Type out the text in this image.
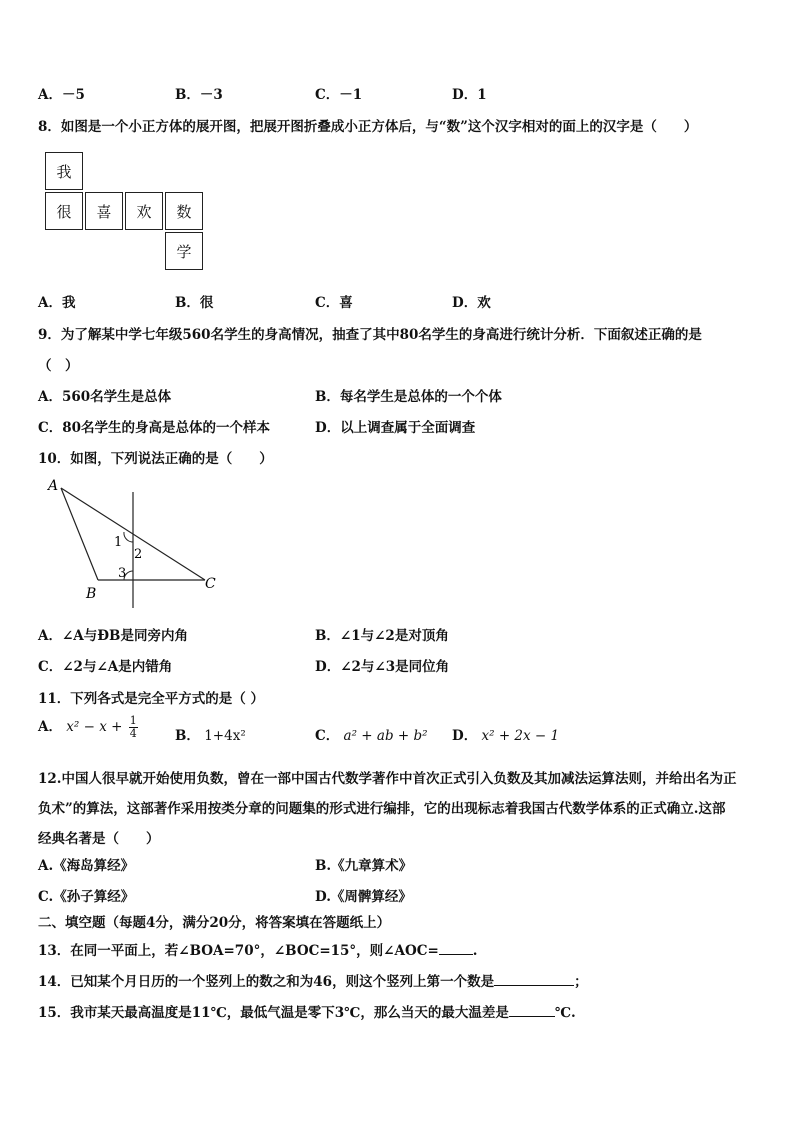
A．－5	B．－3	C．－1	D．1
8．如图是一个小正方体的展开图，把展开图折叠成小正方体后，与“数”这个汉字相对的面上的汉字是（　　）
我
很	喜	欢	数
学
A．我	B．很	C．喜	D．欢
9．为了解某中学七年级560名学生的身高情况，抽查了其中80名学生的身高进行统计分析．下面叙述正确的是
（　）
A．560名学生是总体	B．每名学生是总体的一个个体
C．80名学生的身高是总体的一个样本	D．以上调查属于全面调查
10．如图，下列说法正确的是（　　）
A
B
C
1
2
3
A．∠A与ÐB是同旁内角	B．∠1与∠2是对顶角
C．∠2与∠A是内错角	D．∠2与∠3是同位角
11．下列各式是完全平方式的是（ ）
A． $x^2 - x + \frac{1}{4}$	B． 1+4x²	C． a² + ab + b² D． x² + 2x − 1
12.中国人很早就开始使用负数，曾在一部中国古代数学著作中首次正式引入负数及其加减法运算法则，并给出名为正
负术”的算法，这部著作采用按类分章的问题集的形式进行编排，它的出现标志着我国古代数学体系的正式确立.这部
经典名著是（　　）
A.《海岛算经》	B.《九章算术》
C.《孙子算经》	D.《周髀算经》
二、填空题（每题4分，满分20分，将答案填在答题纸上）
13．在同一平面上，若∠BOA=70°，∠BOC=15°，则∠AOC=	.
14．已知某个月日历的一个竖列上的数之和为46，则这个竖列上第一个数是	；
15．我市某天最高温度是11℃，最低气温是零下3℃，那么当天的最大温差是	℃.
